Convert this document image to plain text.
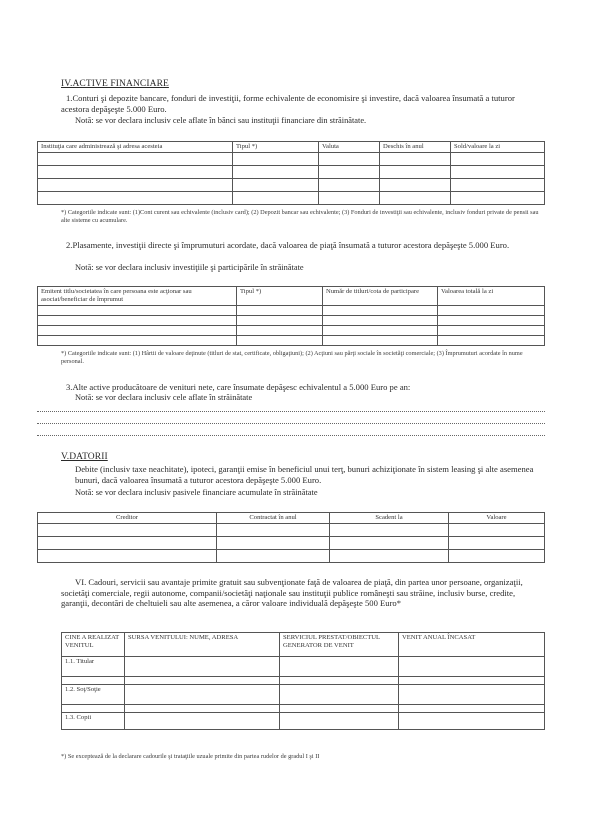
IV.ACTIVE FINANCIARE
1.Conturi şi depozite bancare, fonduri de investiţii, forme echivalente de economisire şi investire, dacă valoarea însumată a tuturor acestora depăşeşte 5.000 Euro.
Notă: se vor declara inclusiv cele aflate în bănci sau instituţii financiare din străinătate.
Instituţia care administrează şi adresa acesteia	Tipul *)	Valuta	Deschis în anul	Sold/valoare la zi

*) Categoriile indicate sunt: (1)Cont curent sau echivalente (inclusiv card); (2) Depozit bancar sau echivalente; (3) Fonduri de investiţii sau echivalente, inclusiv fonduri private de pensii sau alte sisteme cu acumulare.
2.Plasamente, investiţii directe şi împrumuturi acordate, dacă valoarea de piaţă însumată a tuturor acestora depăşeşte 5.000 Euro.
Notă: se vor declara inclusiv investiţiile şi participările în străinătate
Emitent titlu/societatea în care persoana este acţionar sau asociat/beneficiar de împrumut	Tipul *)	Număr de titluri/cota de participare	Valoarea totală la zi

*) Categoriile indicate sunt: (1) Hârtii de valoare deţinute (titluri de stat, certificate, obligaţiuni); (2) Acţiuni sau părţi sociale în societăţi comerciale; (3) Împrumuturi acordate în nume personal.
3.Alte active producătoare de venituri nete, care însumate depăşesc echivalentul a 5.000 Euro pe an:
Notă: se vor declara inclusiv cele aflate în străinătate
V.DATORII
Debite (inclusiv taxe neachitate), ipoteci, garanţii emise în beneficiul unui terţ, bunuri achiziţionate în sistem leasing şi alte asemenea bunuri, dacă valoarea însumată a tuturor acestora depăşeşte 5.000 Euro.
Notă: se vor declara inclusiv pasivele financiare acumulate în străinătate
Creditor	Contractat în anul	Scadent la	Valoare

VI. Cadouri, servicii sau avantaje primite gratuit sau subvenţionate faţă de valoarea de piaţă, din partea unor persoane, organizaţii, societăţi comerciale, regii autonome, companii/societăţi naţionale sau instituţii publice româneşti sau străine, inclusiv burse, credite, garanţii, decontări de cheltuieli sau alte asemenea, a căror valoare individuală depăşeşte 500 Euro*
CINE A REALIZAT VENITUL	SURSA VENITULUI: NUME, ADRESA	SERVICIUL PRESTAT/OBIECTUL GENERATOR DE VENIT	VENIT ANUAL ÎNCASAT
1.1. Titular			

1.2. Soţ/Soţie			

1.3. Copii			
*) Se exceptează de la declarare cadourile şi trataţiile uzuale primite din partea rudelor de gradul I şi II
